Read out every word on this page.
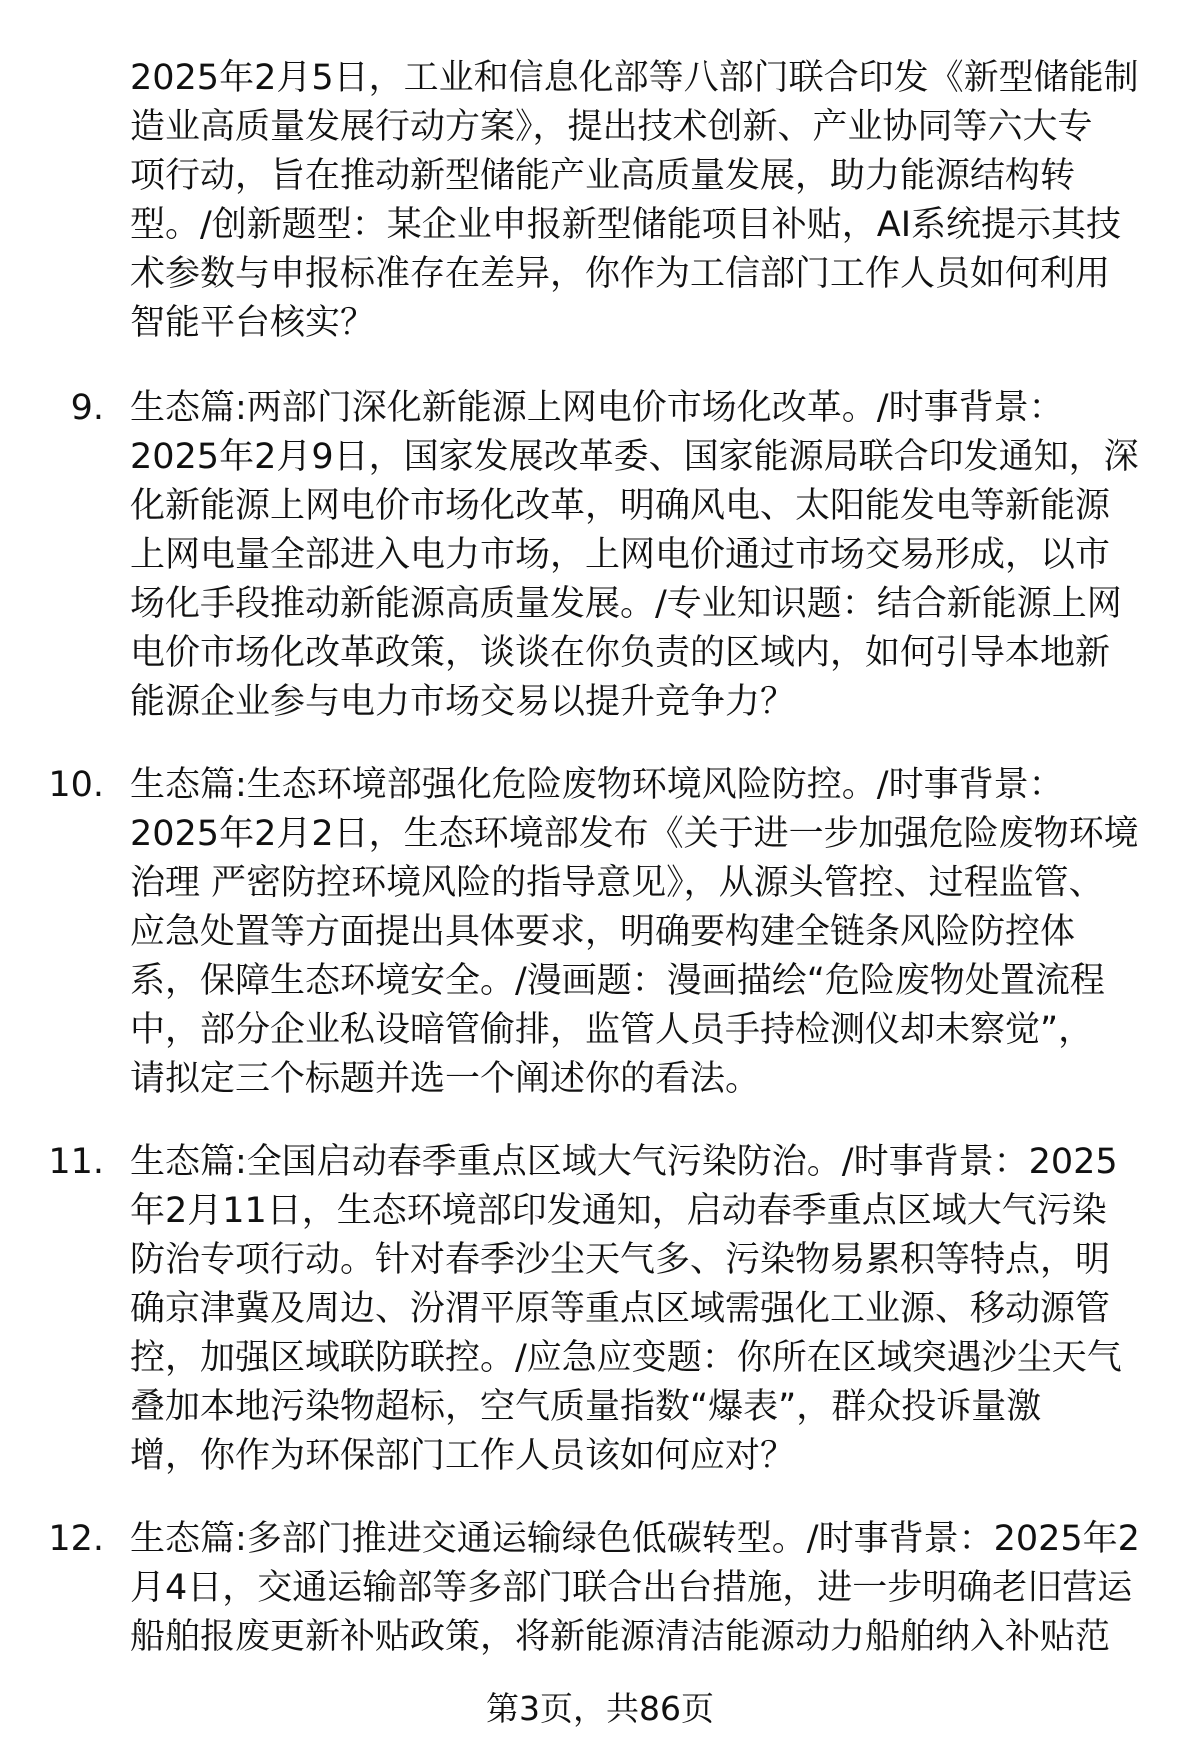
2025年2月5日，工业和信息化部等八部门联合印发《新型储能制
造业高质量发展行动方案》，提出技术创新、产业协同等六大专
项行动，旨在推动新型储能产业高质量发展，助力能源结构转
型。/创新题型：某企业申报新型储能项目补贴，AI系统提示其技
术参数与申报标准存在差异，你作为工信部门工作人员如何利用
智能平台核实？
9. 生态篇:两部门深化新能源上网电价市场化改革。/时事背景：
2025年2月9日，国家发展改革委、国家能源局联合印发通知，深
化新能源上网电价市场化改革，明确风电、太阳能发电等新能源
上网电量全部进入电力市场，上网电价通过市场交易形成，以市
场化手段推动新能源高质量发展。/专业知识题：结合新能源上网
电价市场化改革政策，谈谈在你负责的区域内，如何引导本地新
能源企业参与电力市场交易以提升竞争力？
10. 生态篇:生态环境部强化危险废物环境风险防控。/时事背景：
2025年2月2日，生态环境部发布《关于进一步加强危险废物环境
治理 严密防控环境风险的指导意见》，从源头管控、过程监管、
应急处置等方面提出具体要求，明确要构建全链条风险防控体
系，保障生态环境安全。/漫画题：漫画描绘“危险废物处置流程
中，部分企业私设暗管偷排，监管人员手持检测仪却未察觉”，
请拟定三个标题并选一个阐述你的看法。
11. 生态篇:全国启动春季重点区域大气污染防治。/时事背景：2025
年2月11日，生态环境部印发通知，启动春季重点区域大气污染
防治专项行动。针对春季沙尘天气多、污染物易累积等特点，明
确京津冀及周边、汾渭平原等重点区域需强化工业源、移动源管
控，加强区域联防联控。/应急应变题：你所在区域突遇沙尘天气
叠加本地污染物超标，空气质量指数“爆表”，群众投诉量激
增，你作为环保部门工作人员该如何应对？
12. 生态篇:多部门推进交通运输绿色低碳转型。/时事背景：2025年2
月4日，交通运输部等多部门联合出台措施，进一步明确老旧营运
船舶报废更新补贴政策，将新能源清洁能源动力船舶纳入补贴范
第3页，共86页
